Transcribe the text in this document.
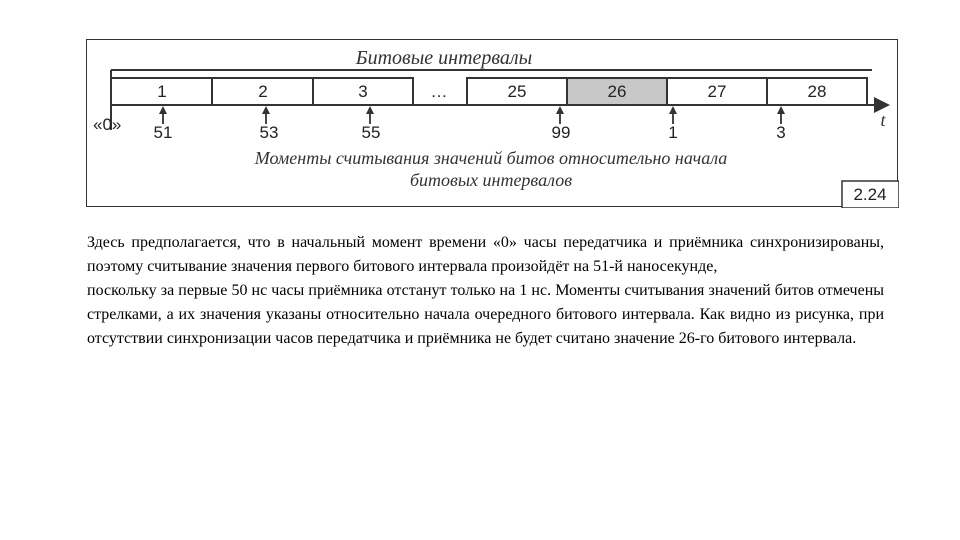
Битовые интервалы
1	2	3	…	25	26	27	28
t
«0» 51	53	55	99	1	3
Моменты считывания значений битов относительно начала
битовых интервалов
2.24

Здесь предполагается, что в начальный момент времени «0» часы передатчика и приёмника синхронизированы, поэтому считывание значения первого битового интервала произойдёт на 51-й наносекунде,

поскольку за первые 50 нс часы приёмника отстанут только на 1 нс. Моменты считывания значений битов отмечены стрелками, а их значения указаны относительно начала очередного битового интервала. Как видно из рисунка, при отсутствии синхронизации часов передатчика и приёмника не будет считано значение 26-го битового интервала.
